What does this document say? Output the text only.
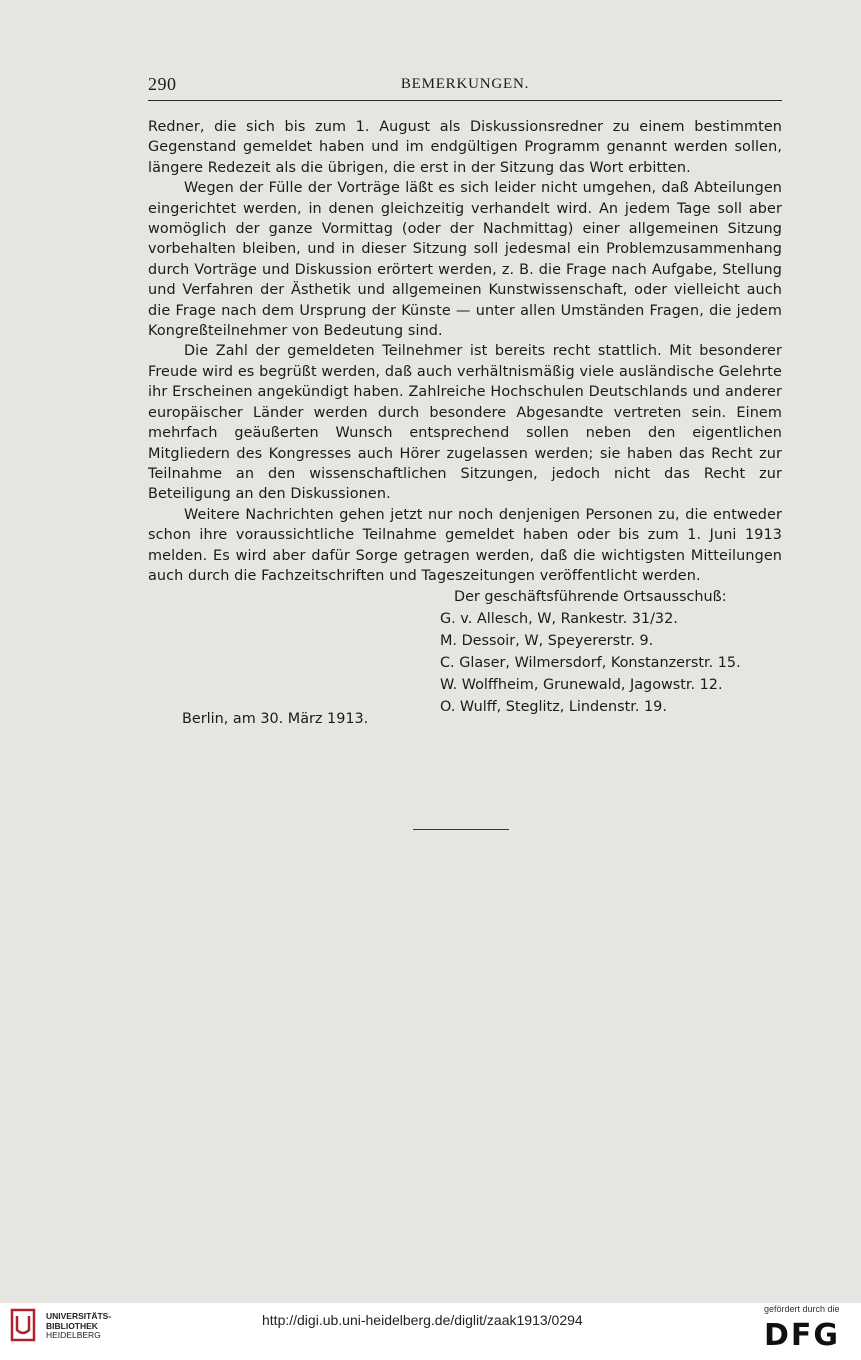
290	BEMERKUNGEN.

Redner, die sich bis zum 1. August als Diskussionsredner zu einem bestimmten Gegenstand gemeldet haben und im endgültigen Programm genannt werden sollen, längere Redezeit als die übrigen, die erst in der Sitzung das Wort erbitten.

Wegen der Fülle der Vorträge läßt es sich leider nicht umgehen, daß Abteilungen eingerichtet werden, in denen gleichzeitig verhandelt wird. An jedem Tage soll aber womöglich der ganze Vormittag (oder der Nachmittag) einer allgemeinen Sitzung vorbehalten bleiben, und in dieser Sitzung soll jedesmal ein Problemzusammenhang durch Vorträge und Diskussion erörtert werden, z. B. die Frage nach Aufgabe, Stellung und Verfahren der Ästhetik und allgemeinen Kunstwissenschaft, oder vielleicht auch die Frage nach dem Ursprung der Künste — unter allen Umständen Fragen, die jedem Kongreßteilnehmer von Bedeutung sind.

Die Zahl der gemeldeten Teilnehmer ist bereits recht stattlich. Mit besonderer Freude wird es begrüßt werden, daß auch verhältnismäßig viele ausländische Gelehrte ihr Erscheinen angekündigt haben. Zahlreiche Hochschulen Deutschlands und anderer europäischer Länder werden durch besondere Abgesandte vertreten sein. Einem mehrfach geäußerten Wunsch entsprechend sollen neben den eigentlichen Mitgliedern des Kongresses auch Hörer zugelassen werden; sie haben das Recht zur Teilnahme an den wissenschaftlichen Sitzungen, jedoch nicht das Recht zur Beteiligung an den Diskussionen.

Weitere Nachrichten gehen jetzt nur noch denjenigen Personen zu, die entweder schon ihre voraussichtliche Teilnahme gemeldet haben oder bis zum 1. Juni 1913 melden. Es wird aber dafür Sorge getragen werden, daß die wichtigsten Mitteilungen auch durch die Fachzeitschriften und Tageszeitungen veröffentlicht werden.

Der geschäftsführende Ortsausschuß:
G. v. Allesch, W, Rankestr. 31/32.
M. Dessoir, W, Speyererstr. 9.
C. Glaser, Wilmersdorf, Konstanzerstr. 15.
W. Wolffheim, Grunewald, Jagowstr. 12.
O. Wulff, Steglitz, Lindenstr. 19.
Berlin, am 30. März 1913.
UNIVERSITÄTS-
BIBLIOTHEK
HEIDELBERG
http://digi.ub.uni-heidelberg.de/diglit/zaak1913/0294
gefördert durch die
DFG
